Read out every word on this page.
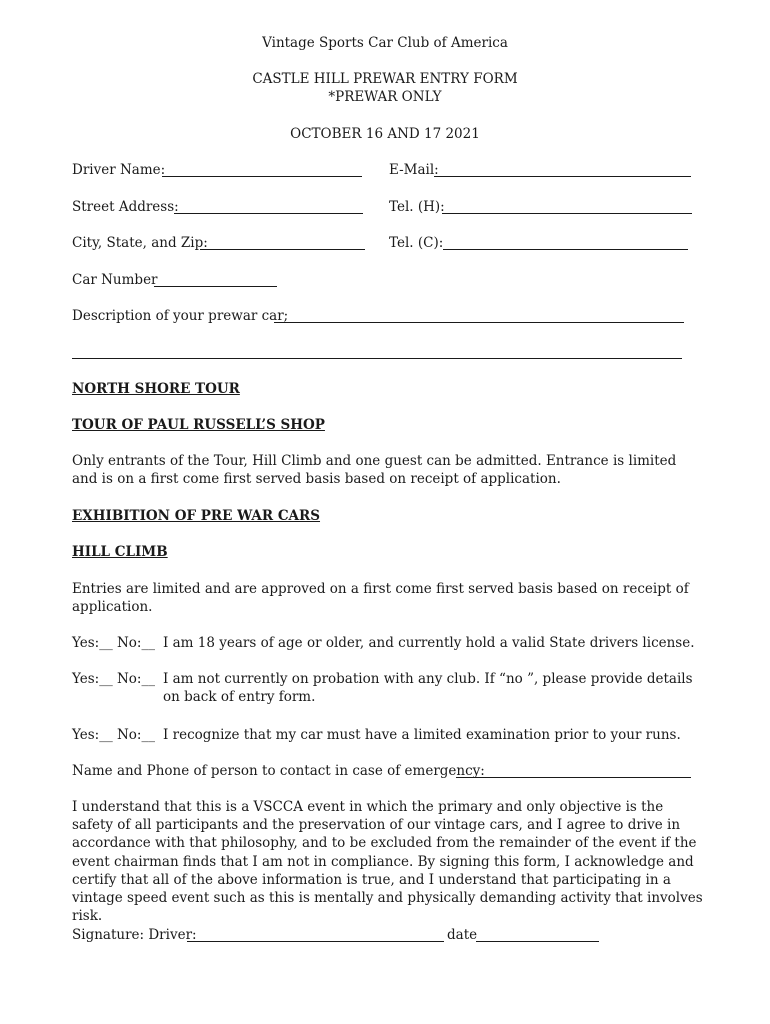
Vintage Sports Car Club of America
CASTLE HILL PREWAR ENTRY FORM
*PREWAR ONLY
OCTOBER 16 AND 17 2021
Driver Name:	E-Mail:
Street Address:	Tel. (H):
City, State, and Zip:	Tel. (C):
Car Number
Description of your prewar car;
NORTH SHORE TOUR
TOUR OF PAUL RUSSELL’S SHOP
Only entrants of the Tour, Hill Climb and one guest can be admitted. Entrance is limited and is on a first come first served basis based on receipt of application.
EXHIBITION OF PRE WAR CARS
HILL CLIMB
Entries are limited and are approved on a first come first served basis based on receipt of application.
Yes:__ No:__ I am 18 years of age or older, and currently hold a valid State drivers license.
Yes:__ No:__ I am not currently on probation with any club. If “no ”, please provide details on back of entry form.
Yes:__ No:__ I recognize that my car must have a limited examination prior to your runs.
Name and Phone of person to contact in case of emergency:
I understand that this is a VSCCA event in which the primary and only objective is the safety of all participants and the preservation of our vintage cars, and I agree to drive in accordance with that philosophy, and to be excluded from the remainder of the event if the event chairman finds that I am not in compliance. By signing this form, I acknowledge and certify that all of the above information is true, and I understand that participating in a vintage speed event such as this is mentally and physically demanding activity that involves risk.
Signature: Driver:	date
